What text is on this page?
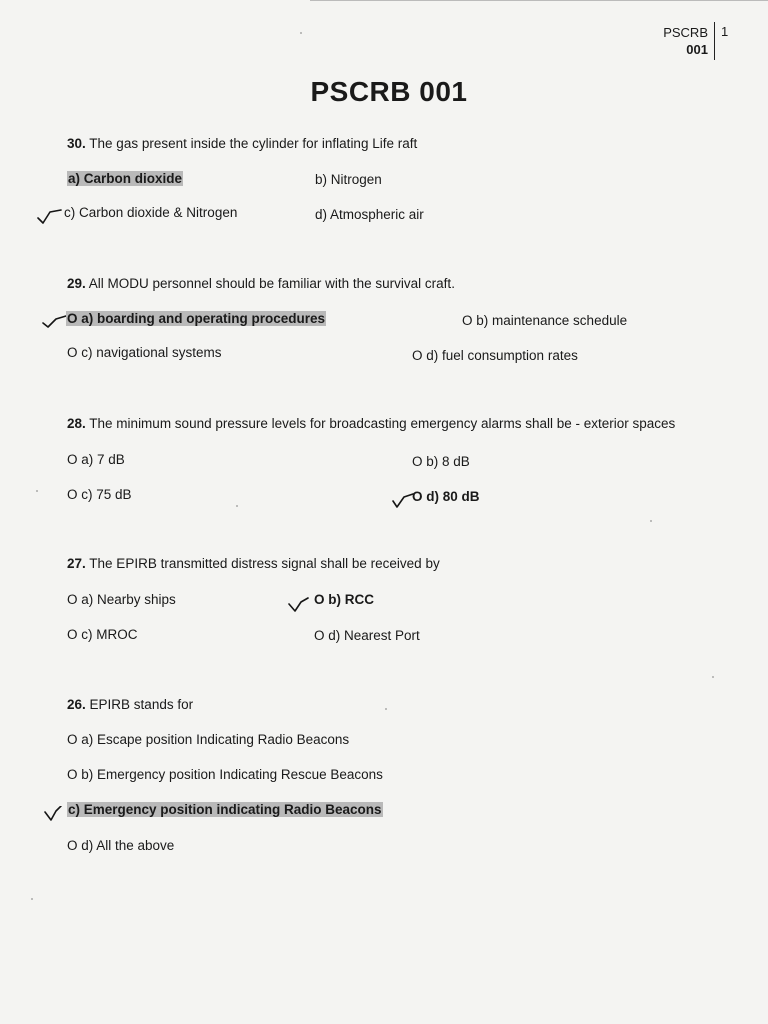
PSCRB
001
1
PSCRB 001
30. The gas present inside the cylinder for inflating Life raft
a) Carbon dioxide	b) Nitrogen
c) Carbon dioxide & Nitrogen	d) Atmospheric air
29. All MODU personnel should be familiar with the survival craft.
O a) boarding and operating procedures	O b) maintenance schedule
O c) navigational systems	O d) fuel consumption rates
28. The minimum sound pressure levels for broadcasting emergency alarms shall be - exterior spaces
O a) 7 dB	O b) 8 dB
O c) 75 dB	O d) 80 dB
27. The EPIRB transmitted distress signal shall be received by
O a) Nearby ships	O b) RCC
O c) MROC	O d) Nearest Port
26. EPIRB stands for
O a) Escape position Indicating Radio Beacons
O b) Emergency position Indicating Rescue Beacons
c) Emergency position indicating Radio Beacons
O d) All the above
